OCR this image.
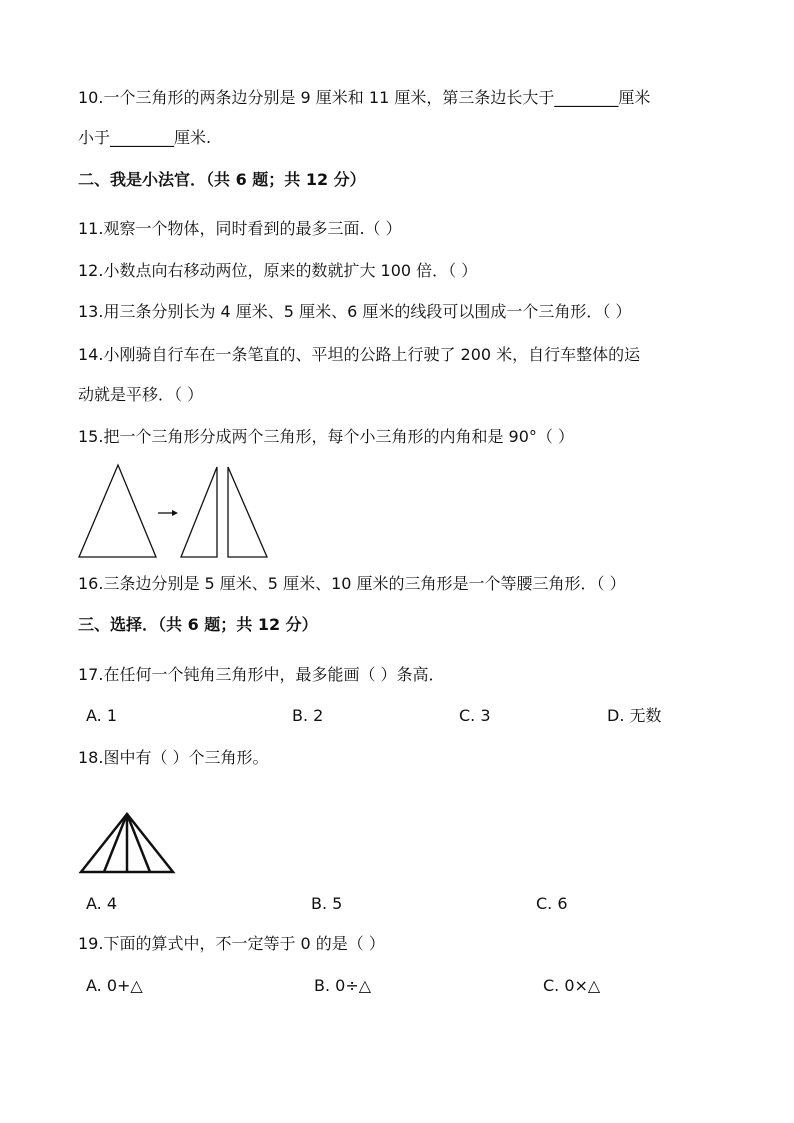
10.一个三角形的两条边分别是 9 厘米和 11 厘米，第三条边长大于________厘米
小于________厘米.
二、我是小法官．（共 6 题；共 12 分）
11.观察一个物体，同时看到的最多三面.（ ）
12.小数点向右移动两位，原来的数就扩大 100 倍．（ ）
13.用三条分别长为 4 厘米、5 厘米、6 厘米的线段可以围成一个三角形．（ ）
14.小刚骑自行车在一条笔直的、平坦的公路上行驶了 200 米，自行车整体的运
动就是平移．（ ）
15.把一个三角形分成两个三角形，每个小三角形的内角和是 90°（ ）
16.三条边分别是 5 厘米、5 厘米、10 厘米的三角形是一个等腰三角形．（ ）
三、选择．（共 6 题；共 12 分）
17.在任何一个钝角三角形中，最多能画（ ）条高．
A. 1	B. 2	C. 3	D. 无数
18.图中有（ ）个三角形。
A. 4	B. 5	C. 6
19.下面的算式中，不一定等于 0 的是（ ）
A. 0+△	B. 0÷△	C. 0×△
